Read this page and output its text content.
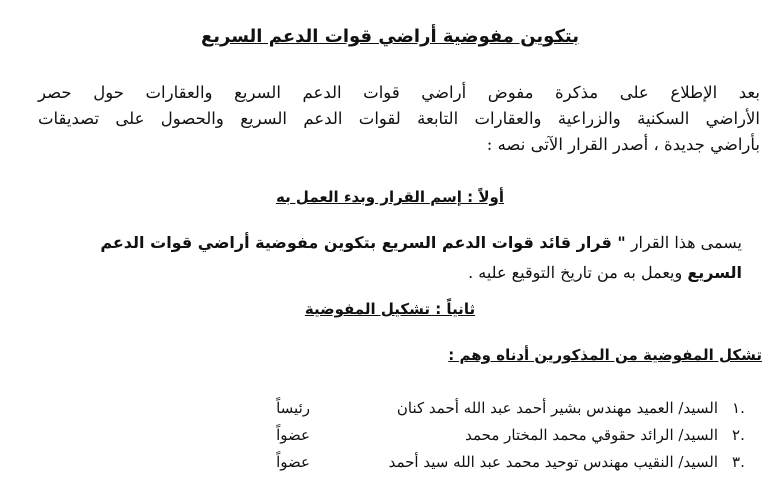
بتكوين مفوضية أراضي قوات الدعم السريع
بعد الإطلاع على مذكرة مفوض أراضي قوات الدعم السريع والعقارات حول حصر
الأراضي السكنية والزراعية والعقارات التابعة لقوات الدعم السريع والحصول على تصديقات
بأراضي جديدة ، أصدر القرار الآتى نصه :
أولاً : إسم القرار وبدء العمل به
يسمى هذا القرار " قرار قائد قوات الدعم السريع بتكوين مفوضية أراضي قوات الدعم
السريع ويعمل به من تاريخ التوقيع عليه .
ثانياً : تشكيل المفوضية
تشكل المفوضية من المذكورين أدناه وهم :
١.
السيد/ العميد مهندس بشير أحمد عبد الله أحمد كنان
رئيساً
٢.
السيد/ الرائد حقوقي محمد المختار محمد
عضواً
٣.
السيد/ النقيب مهندس توحيد محمد عبد الله سيد أحمد
عضواً
